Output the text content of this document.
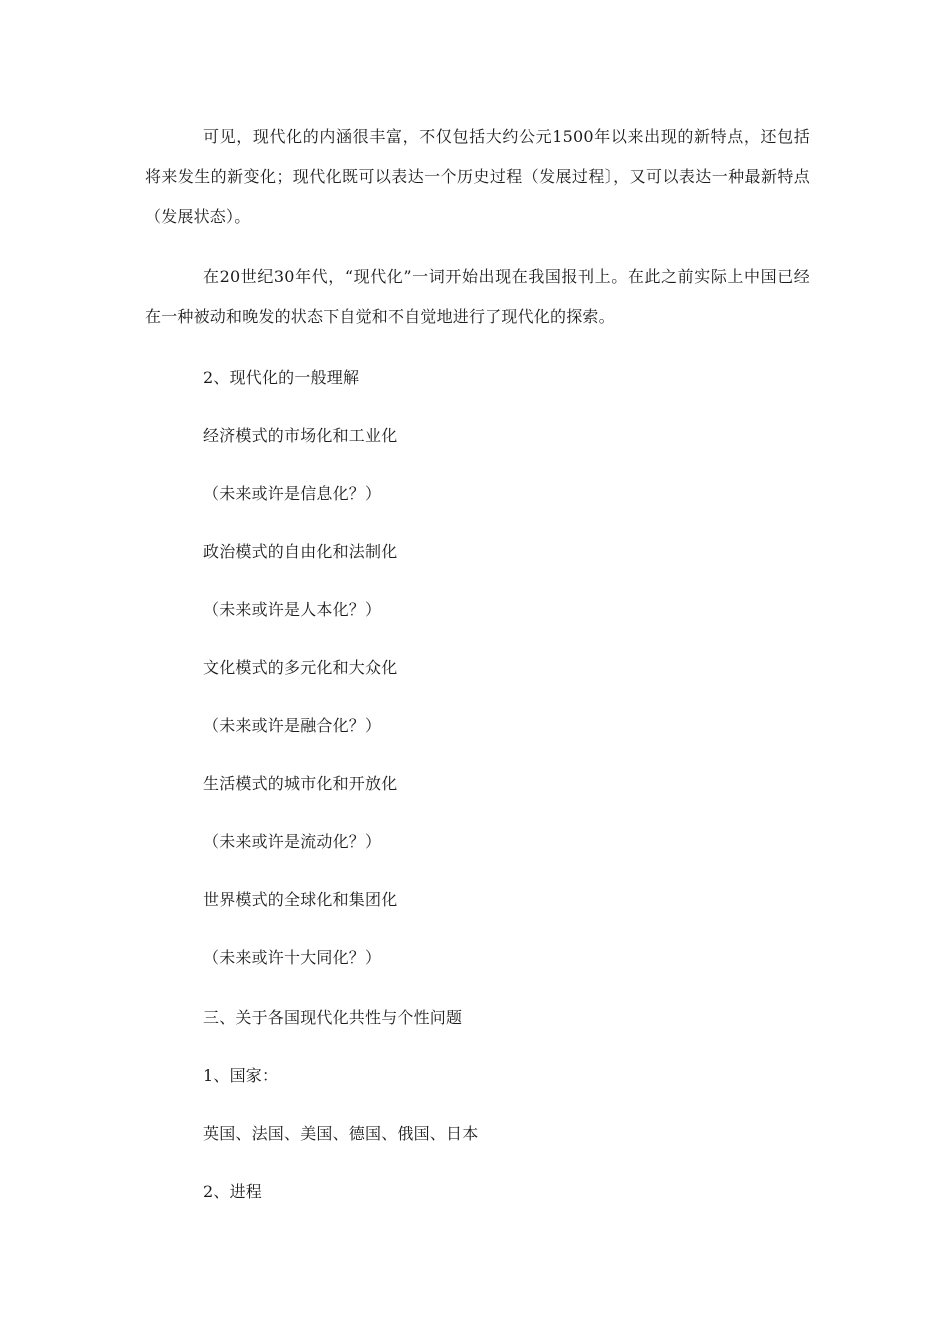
可见，现代化的内涵很丰富，不仅包括大约公元1500年以来出现的新特点，还包括将来发生的新变化；现代化既可以表达一个历史过程（发展过程〕，又可以表达一种最新特点（发展状态）。

在20世纪30年代，“现代化”一词开始出现在我国报刊上。在此之前实际上中国已经在一种被动和晚发的状态下自觉和不自觉地进行了现代化的探索。

2、现代化的一般理解

经济模式的市场化和工业化

（未来或许是信息化？）

政治模式的自由化和法制化

（未来或许是人本化？）

文化模式的多元化和大众化

（未来或许是融合化？）

生活模式的城市化和开放化

（未来或许是流动化？）

世界模式的全球化和集团化

（未来或许十大同化？）

三、关于各国现代化共性与个性问题

1、国家：

英国、法国、美国、德国、俄国、日本

2、进程
